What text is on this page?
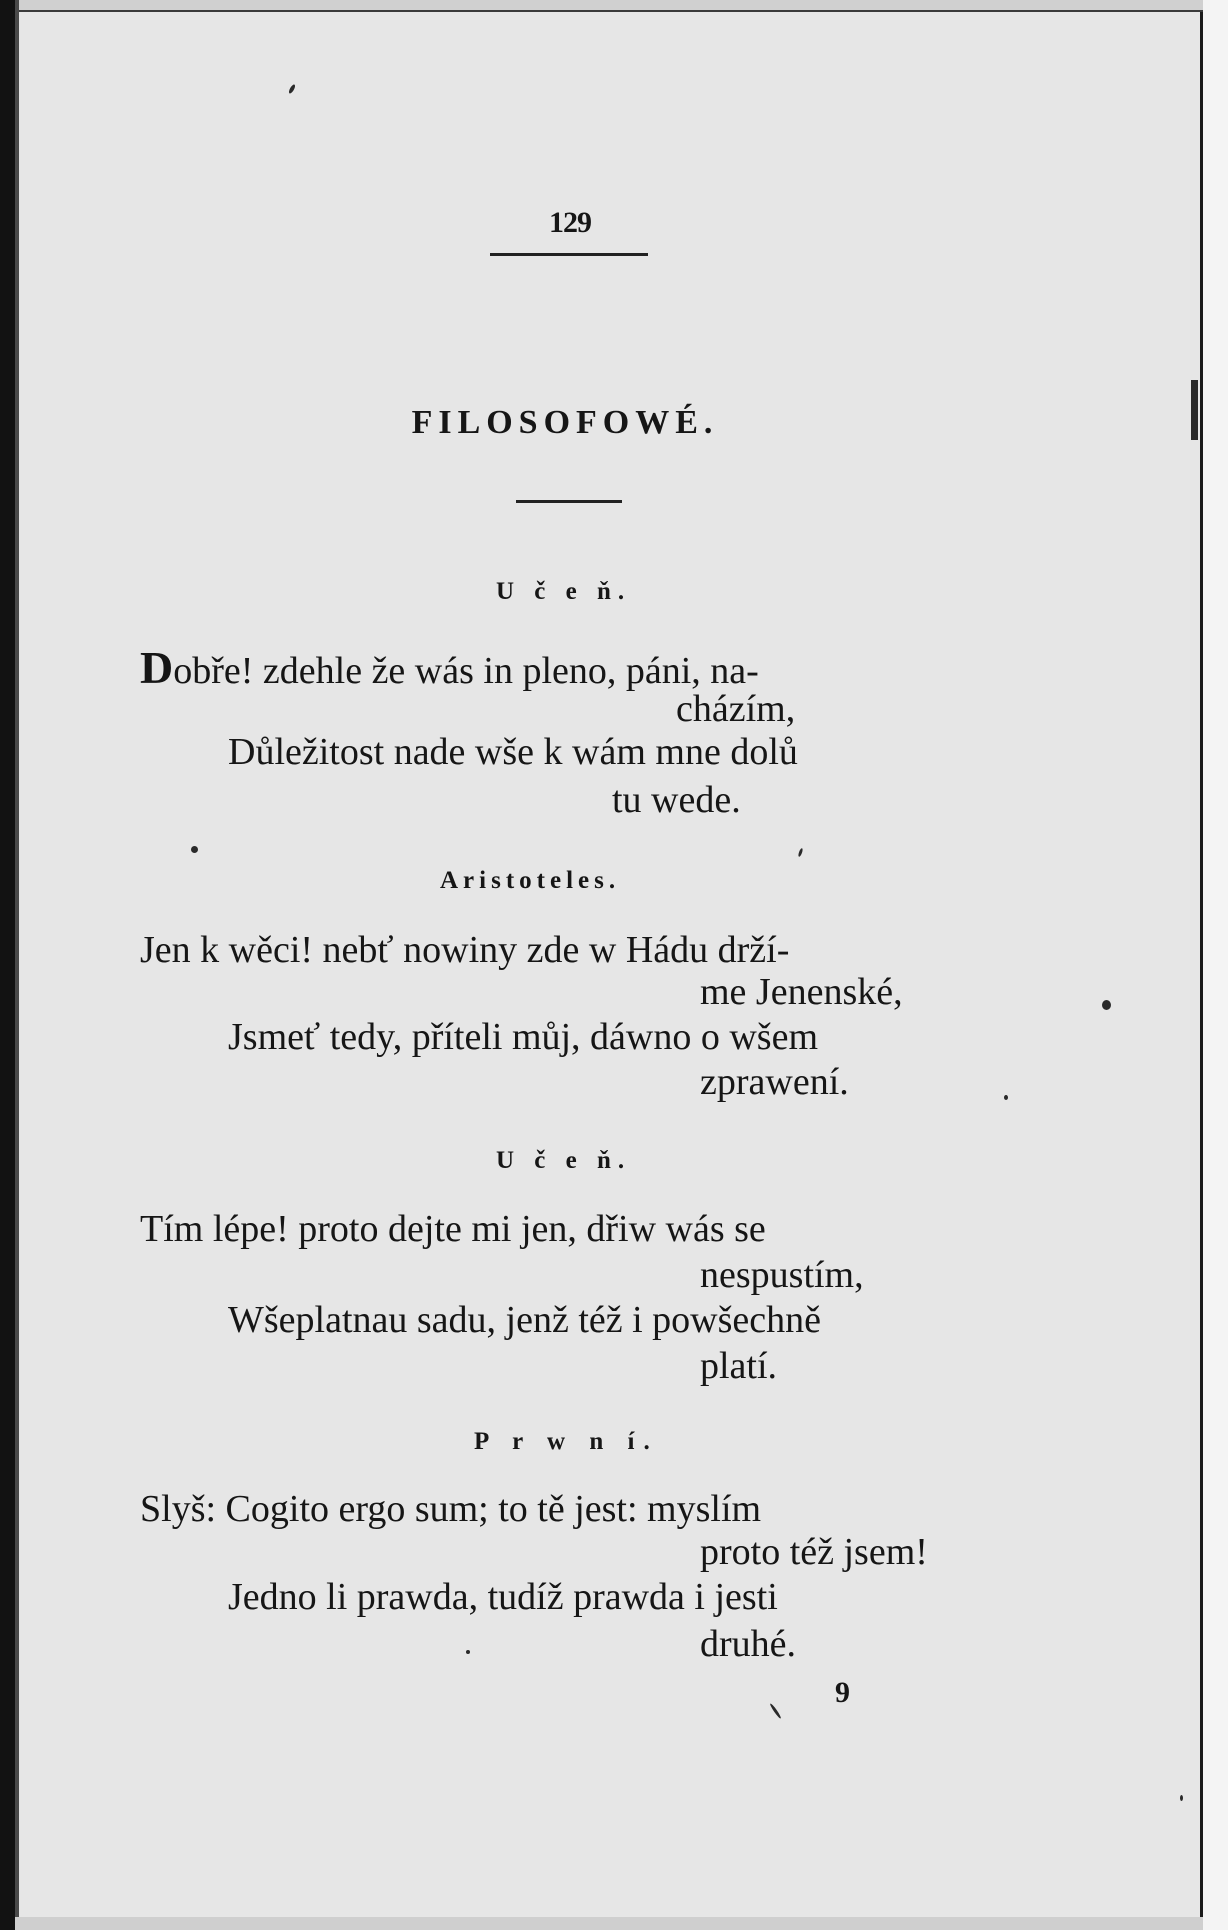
129
FILOSOFOWÉ.
U č e ň.
Dobře! zdehle že wás in pleno, páni, na-
cházím,
Důležitost nade wše k wám mne dolů
tu wede.
Aristoteles.
Jen k wěci! nebť nowiny zde w Hádu drží-
me Jenenské,
Jsmeť tedy, příteli můj, dáwno o wšem
zprawení.
U č e ň.
Tím lépe! proto dejte mi jen, dřiw wás se
nespustím,
Wšeplatnau sadu, jenž též i powšechně
platí.
P r w n í.
Slyš: Cogito ergo sum; to tě jest: myslím
proto též jsem!
Jedno li prawda, tudíž prawda i jesti
druhé.
9
